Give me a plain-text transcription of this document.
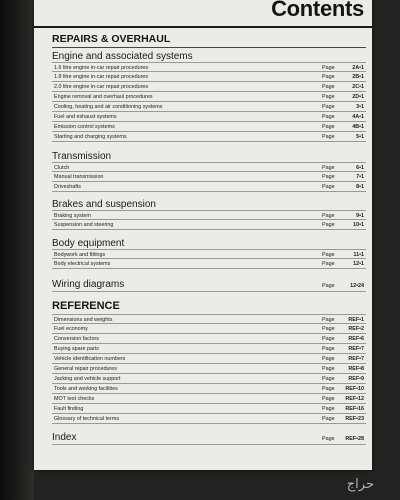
Contents
REPAIRS & OVERHAUL
Engine and associated systems
1.6 litre engine in-car repair procedures	Page	2A•1
1.8 litre engine in-car repair procedures	Page	2B•1
2.0 litre engine in-car repair procedures	Page	2C•1
Engine removal and overhaul procedures	Page	2D•1
Cooling, heating and air conditioning systems	Page	3•1
Fuel and exhaust systems	Page	4A•1
Emission control systems	Page	4B•1
Starting and charging systems	Page	5•1
Transmission
Clutch	Page	6•1
Manual transmission	Page	7•1
Driveshafts	Page	8•1
Brakes and suspension
Braking system	Page	9•1
Suspension and steering	Page	10•1
Body equipment
Bodywork and fittings	Page	11•1
Body electrical systems	Page	12•1
Wiring diagrams	Page	12•24
REFERENCE
Dimensions and weights	Page	REF•1
Fuel economy	Page	REF•2
Conversion factors	Page	REF•6
Buying spare parts	Page	REF•7
Vehicle identification numbers	Page	REF•7
General repair procedures	Page	REF•8
Jacking and vehicle support	Page	REF•9
Tools and working facilities	Page REF•10
MOT test checks	Page REF•12
Fault finding	Page REF•16
Glossary of technical terms	Page REF•23
Index	Page REF•28
حراج
